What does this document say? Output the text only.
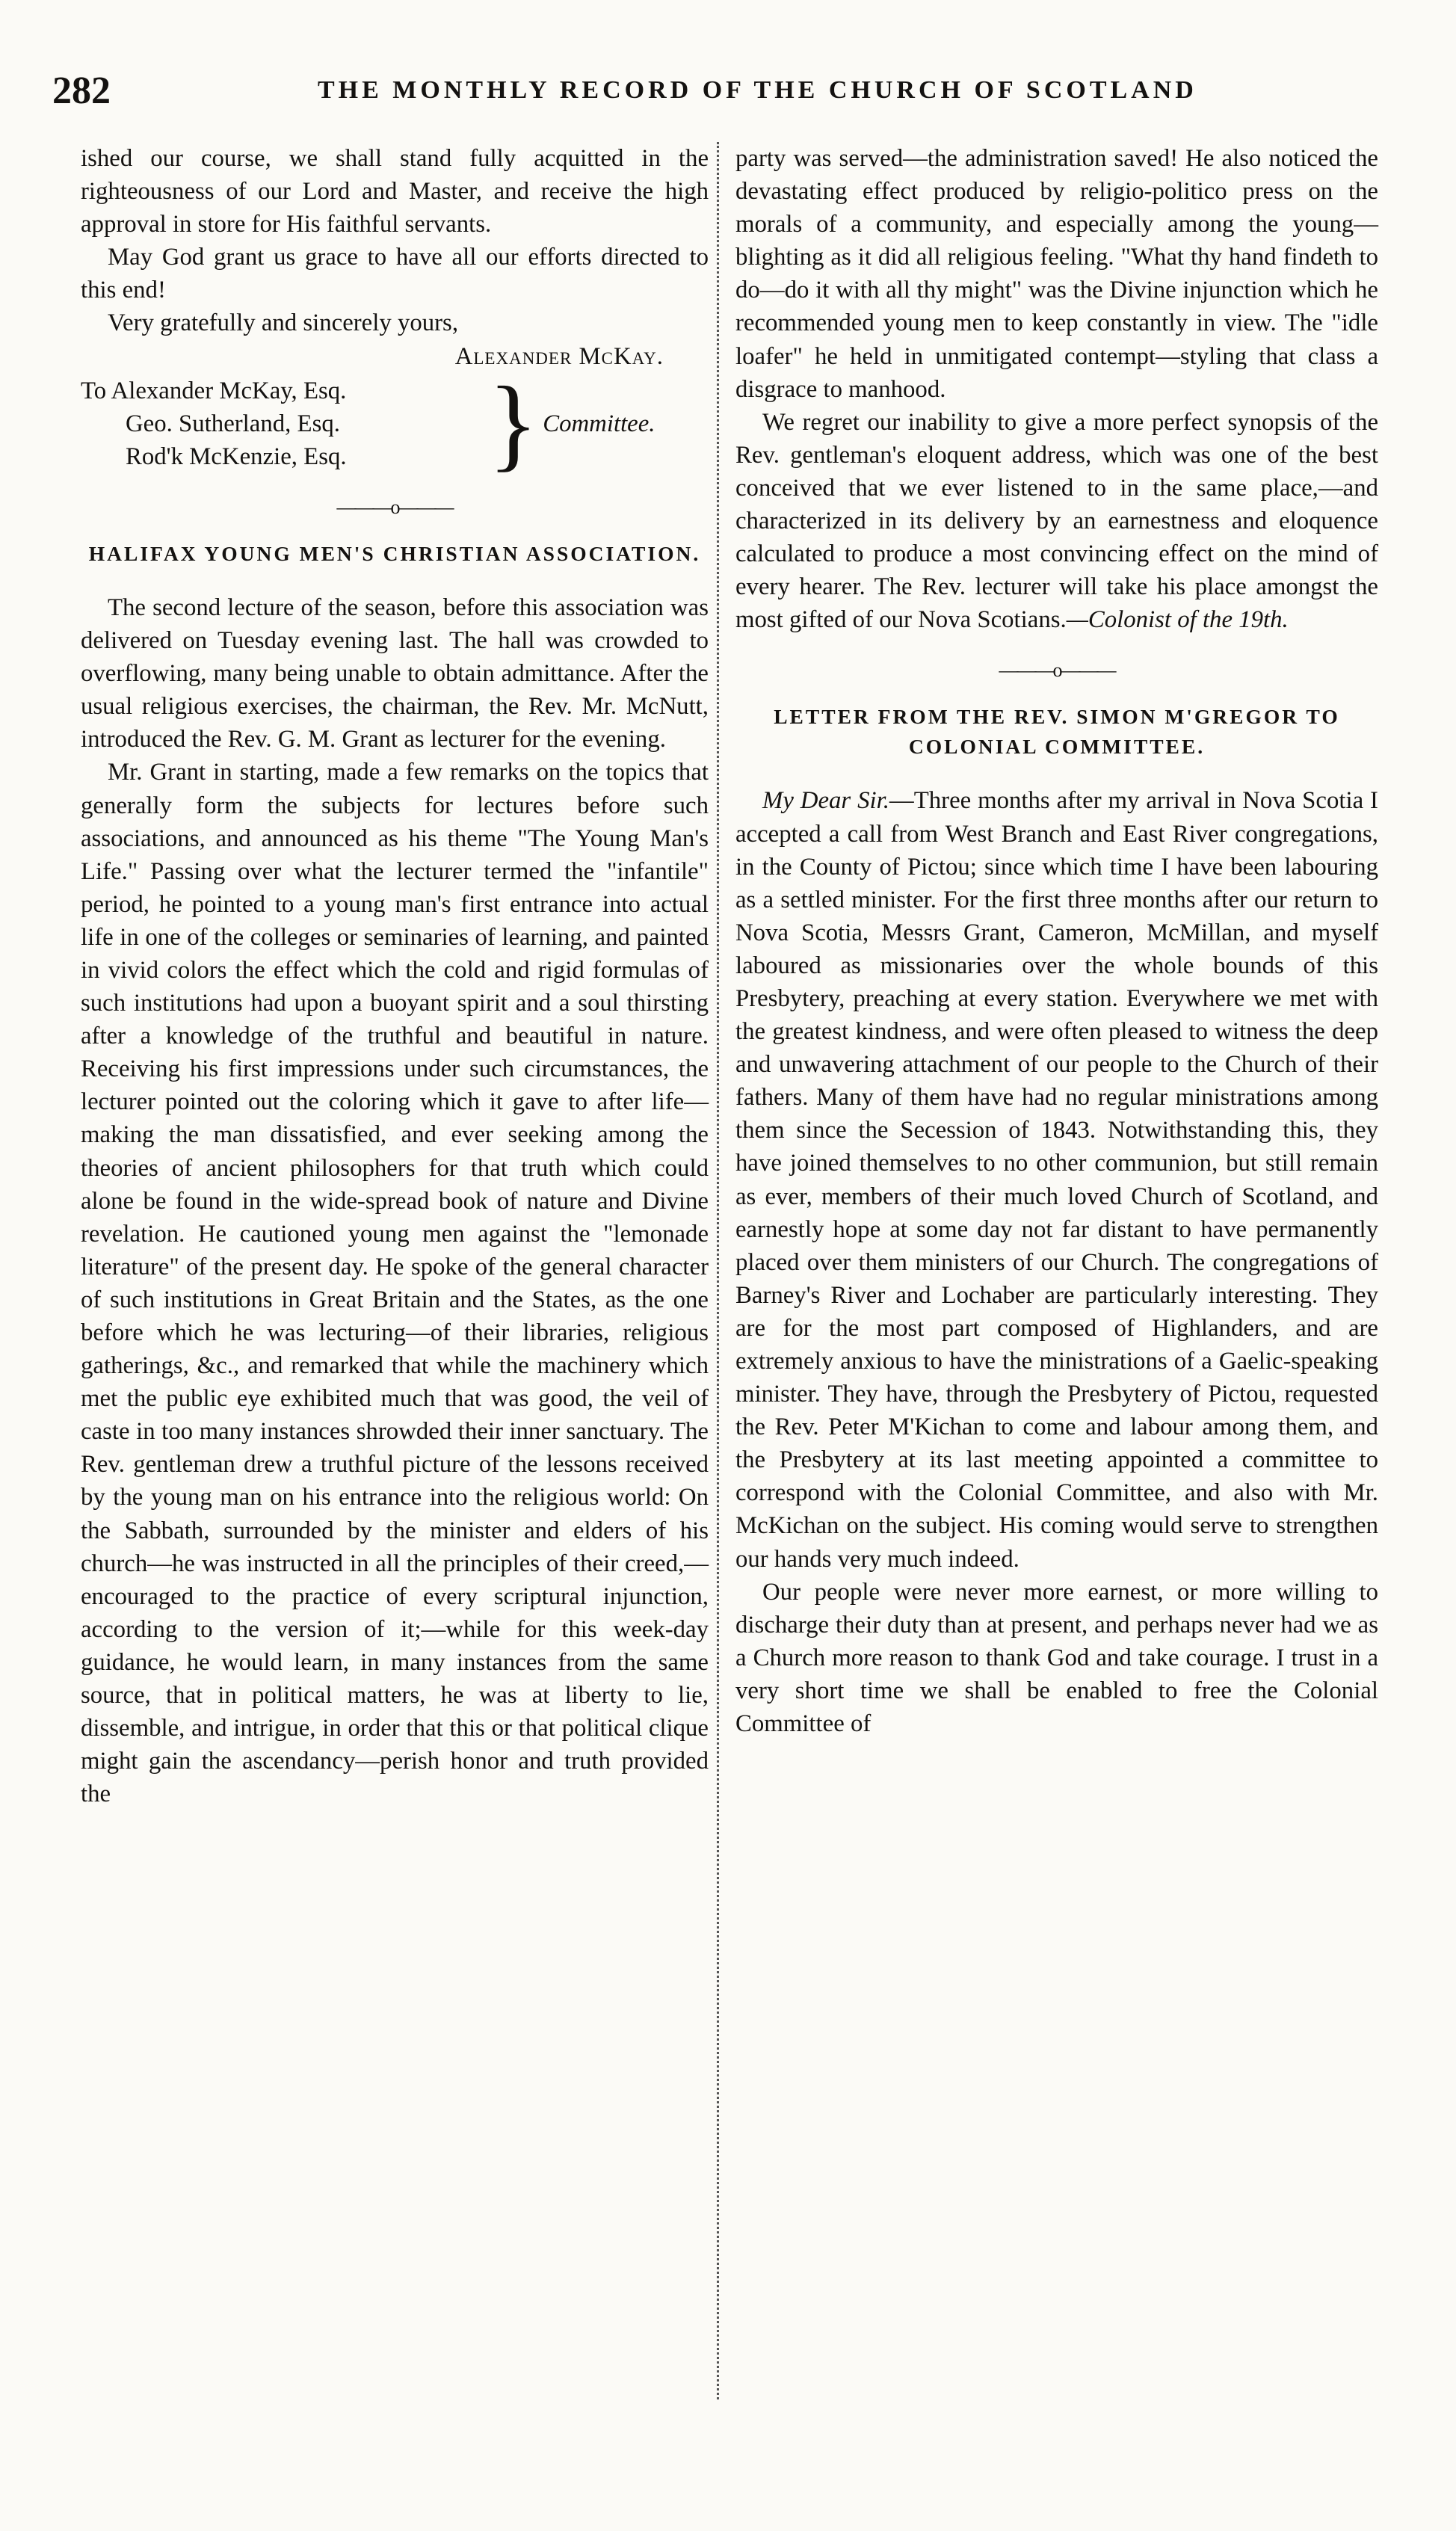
282	THE MONTHLY RECORD OF THE CHURCH OF SCOTLAND

ished our course, we shall stand fully acquitted in the righteousness of our Lord and Master, and receive the high approval in store for His faithful servants.

May God grant us grace to have all our efforts directed to this end!

Very gratefully and sincerely yours,

Alexander McKay.

To Alexander McKay, Esq.
Geo. Sutherland, Esq.
Rod'k McKenzie, Esq.	} Committee.
———o———
HALIFAX YOUNG MEN'S CHRISTIAN ASSOCIATION.

The second lecture of the season, before this association was delivered on Tuesday evening last. The hall was crowded to overflowing, many being unable to obtain admittance. After the usual religious exercises, the chairman, the Rev. Mr. McNutt, introduced the Rev. G. M. Grant as lecturer for the evening.

Mr. Grant in starting, made a few remarks on the topics that generally form the subjects for lectures before such associations, and announced as his theme "The Young Man's Life." Passing over what the lecturer termed the "infantile" period, he pointed to a young man's first entrance into actual life in one of the colleges or seminaries of learning, and painted in vivid colors the effect which the cold and rigid formulas of such institutions had upon a buoyant spirit and a soul thirsting after a knowledge of the truthful and beautiful in nature. Receiving his first impressions under such circumstances, the lecturer pointed out the coloring which it gave to after life—making the man dissatisfied, and ever seeking among the theories of ancient philosophers for that truth which could alone be found in the wide-spread book of nature and Divine revelation. He cautioned young men against the "lemonade literature" of the present day. He spoke of the general character of such institutions in Great Britain and the States, as the one before which he was lecturing—of their libraries, religious gatherings, &c., and remarked that while the machinery which met the public eye exhibited much that was good, the veil of caste in too many instances shrowded their inner sanctuary. The Rev. gentleman drew a truthful picture of the lessons received by the young man on his entrance into the religious world: On the Sabbath, surrounded by the minister and elders of his church—he was instructed in all the principles of their creed,—encouraged to the practice of every scriptural injunction, according to the version of it;—while for this week-day guidance, he would learn, in many instances from the same source, that in political matters, he was at liberty to lie, dissemble, and intrigue, in order that this or that political clique might gain the ascendancy—perish honor and truth provided the

party was served—the administration saved! He also noticed the devastating effect produced by religio-politico press on the morals of a community, and especially among the young—blighting as it did all religious feeling. "What thy hand findeth to do—do it with all thy might" was the Divine injunction which he recommended young men to keep constantly in view. The "idle loafer" he held in unmitigated contempt—styling that class a disgrace to manhood.

We regret our inability to give a more perfect synopsis of the Rev. gentleman's eloquent address, which was one of the best conceived that we ever listened to in the same place,—and characterized in its delivery by an earnestness and eloquence calculated to produce a most convincing effect on the mind of every hearer. The Rev. lecturer will take his place amongst the most gifted of our Nova Scotians.—Colonist of the 19th.

———o———
LETTER FROM THE REV. SIMON M'GREGOR TO COLONIAL COMMITTEE.

My Dear Sir.—Three months after my arrival in Nova Scotia I accepted a call from West Branch and East River congregations, in the County of Pictou; since which time I have been labouring as a settled minister. For the first three months after our return to Nova Scotia, Messrs Grant, Cameron, McMillan, and myself laboured as missionaries over the whole bounds of this Presbytery, preaching at every station. Everywhere we met with the greatest kindness, and were often pleased to witness the deep and unwavering attachment of our people to the Church of their fathers. Many of them have had no regular ministrations among them since the Secession of 1843. Notwithstanding this, they have joined themselves to no other communion, but still remain as ever, members of their much loved Church of Scotland, and earnestly hope at some day not far distant to have permanently placed over them ministers of our Church. The congregations of Barney's River and Lochaber are particularly interesting. They are for the most part composed of Highlanders, and are extremely anxious to have the ministrations of a Gaelic-speaking minister. They have, through the Presbytery of Pictou, requested the Rev. Peter M'Kichan to come and labour among them, and the Presbytery at its last meeting appointed a committee to correspond with the Colonial Committee, and also with Mr. McKichan on the subject. His coming would serve to strengthen our hands very much indeed.

Our people were never more earnest, or more willing to discharge their duty than at present, and perhaps never had we as a Church more reason to thank God and take courage. I trust in a very short time we shall be enabled to free the Colonial Committee of
